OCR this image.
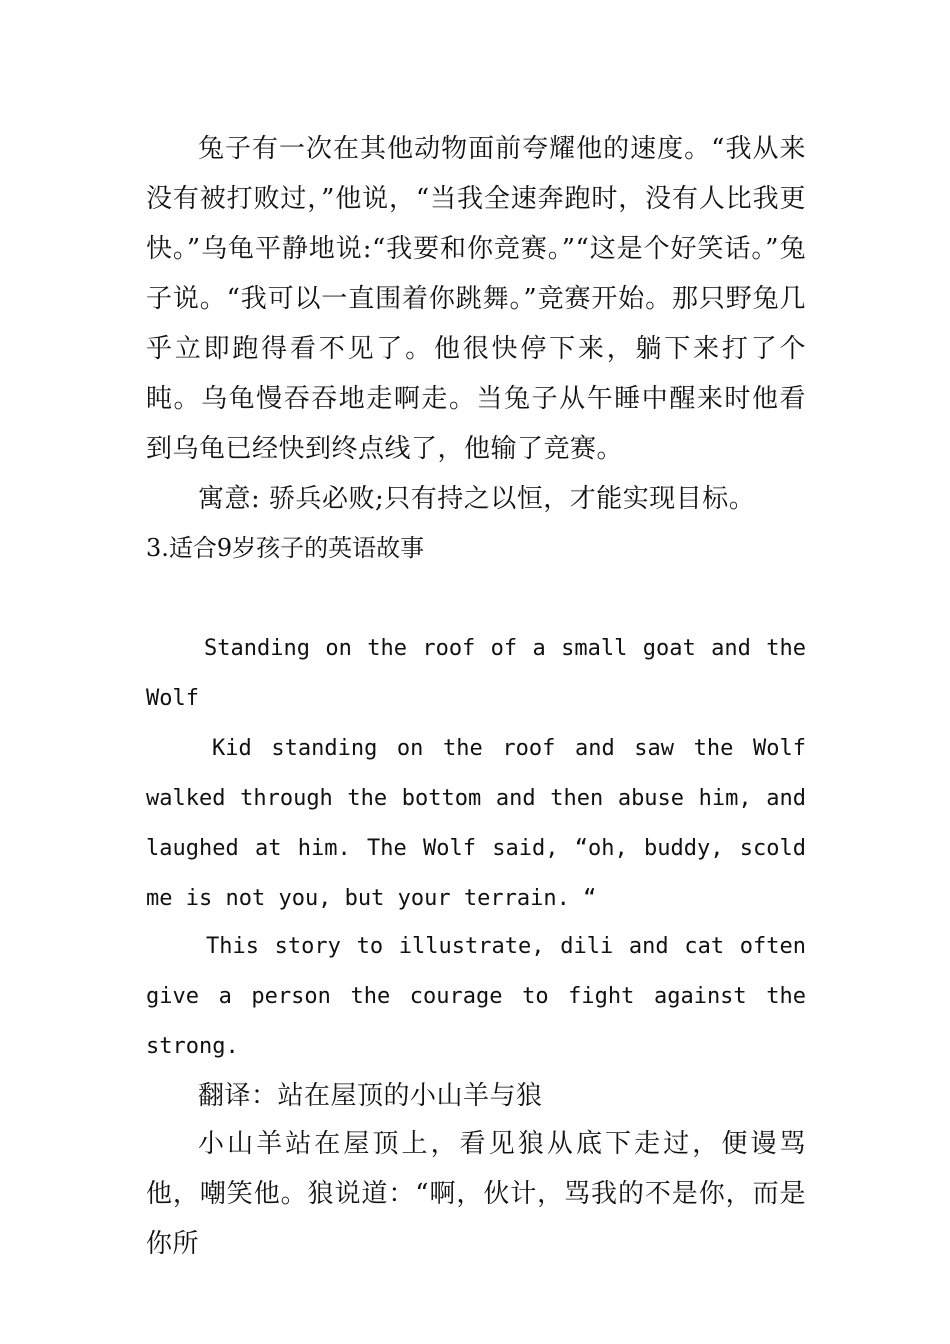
兔子有一次在其他动物面前夸耀他的速度。“我从来没有被打败过，”他说，“当我全速奔跑时，没有人比我更快。”乌龟平静地说:“我要和你竞赛。”“这是个好笑话。”兔子说。“我可以一直围着你跳舞。”竞赛开始。那只野兔几乎立即跑得看不见了。他很快停下来，躺下来打了个盹。乌龟慢吞吞地走啊走。当兔子从午睡中醒来时他看到乌龟已经快到终点线了，他输了竞赛。

寓意: 骄兵必败;只有持之以恒，才能实现目标。

3.适合9岁孩子的英语故事

Standing on the roof of a small goat and the Wolf

Kid standing on the roof and saw the Wolf walked through the bottom and then abuse him, and laughed at him. The Wolf said, “oh, buddy, scold me is not you, but your terrain. “

This story to illustrate, dili and cat often give a person the courage to fight against the strong.

翻译：站在屋顶的小山羊与狼

小山羊站在屋顶上，看见狼从底下走过，便谩骂他，嘲笑他。狼说道：“啊，伙计，骂我的不是你，而是你所
